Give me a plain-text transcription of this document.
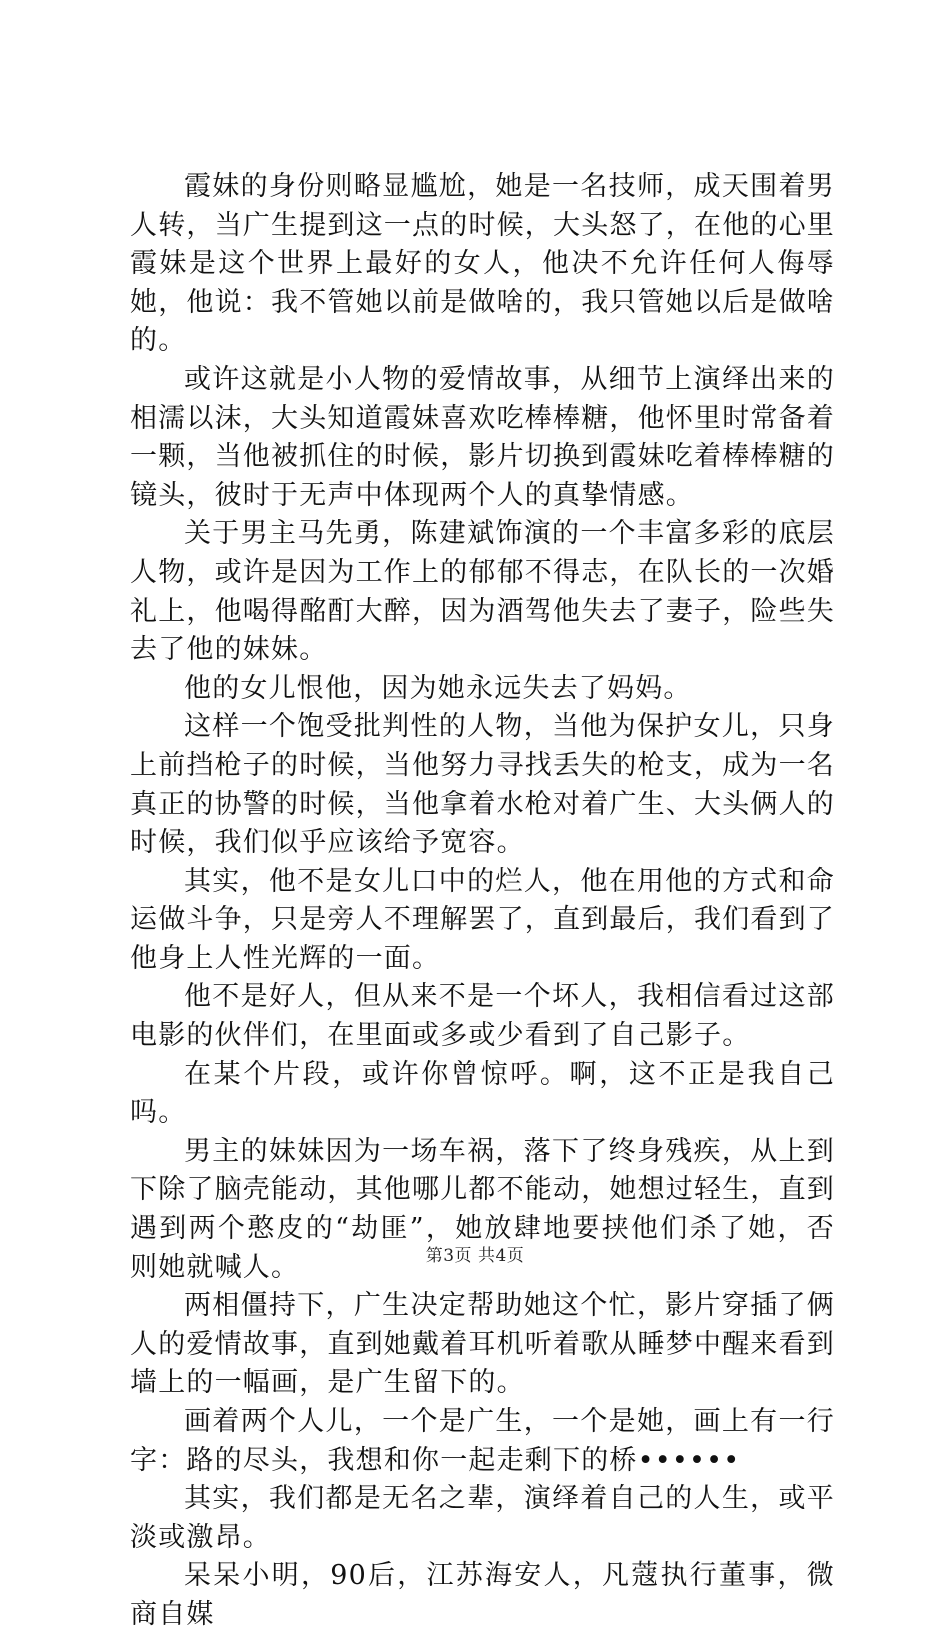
霞妹的身份则略显尴尬，她是一名技师，成天围着男人转，当广生提到这一点的时候，大头怒了，在他的心里霞妹是这个世界上最好的女人，他决不允许任何人侮辱她，他说：我不管她以前是做啥的，我只管她以后是做啥的。

或许这就是小人物的爱情故事，从细节上演绎出来的相濡以沫，大头知道霞妹喜欢吃棒棒糖，他怀里时常备着一颗，当他被抓住的时候，影片切换到霞妹吃着棒棒糖的镜头，彼时于无声中体现两个人的真挚情感。

关于男主马先勇，陈建斌饰演的一个丰富多彩的底层人物，或许是因为工作上的郁郁不得志，在队长的一次婚礼上，他喝得酩酊大醉，因为酒驾他失去了妻子，险些失去了他的妹妹。

他的女儿恨他，因为她永远失去了妈妈。

这样一个饱受批判性的人物，当他为保护女儿，只身上前挡枪子的时候，当他努力寻找丢失的枪支，成为一名真正的协警的时候，当他拿着水枪对着广生、大头俩人的时候，我们似乎应该给予宽容。

其实，他不是女儿口中的烂人，他在用他的方式和命运做斗争，只是旁人不理解罢了，直到最后，我们看到了他身上人性光辉的一面。

他不是好人，但从来不是一个坏人，我相信看过这部电影的伙伴们，在里面或多或少看到了自己影子。

在某个片段，或许你曾惊呼。啊，这不正是我自己吗。

男主的妹妹因为一场车祸，落下了终身残疾，从上到下除了脑壳能动，其他哪儿都不能动，她想过轻生，直到遇到两个憨皮的“劫匪”，她放肆地要挟他们杀了她，否则她就喊人。

两相僵持下，广生决定帮助她这个忙，影片穿插了俩人的爱情故事，直到她戴着耳机听着歌从睡梦中醒来看到墙上的一幅画，是广生留下的。

画着两个人儿，一个是广生，一个是她，画上有一行字：路的尽头，我想和你一起走剩下的桥••••••

其实，我们都是无名之辈，演绎着自己的人生，或平淡或激昂。

呆呆小明，90后，江苏海安人，凡蔻执行董事，微商自媒

第3页 共4页
